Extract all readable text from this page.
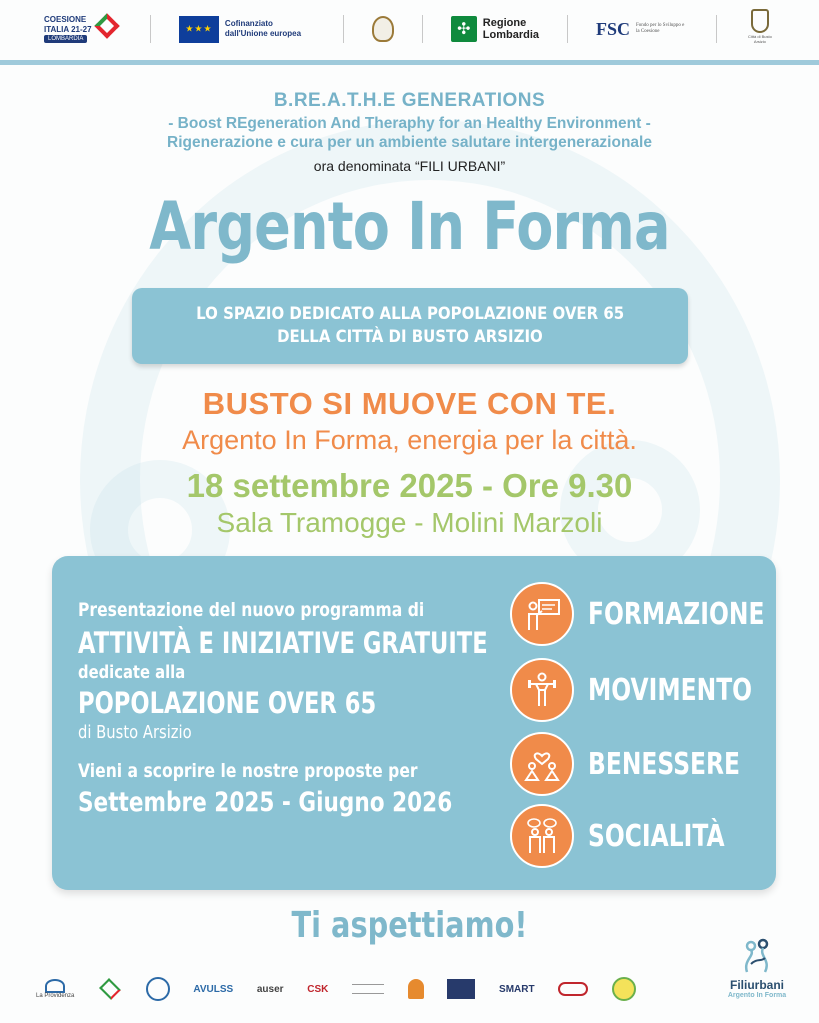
COESIONE
ITALIA 21-27
LOMBARDIA
★★★ Cofinanziato dall'Unione europea	✣	Regione
Lombardia	FSC Fondo per lo Sviluppo e la Coesione
Città di Busto Arsizio
B.RE.A.T.H.E GENERATIONS
- Boost REgeneration And Theraphy for an Healthy Environment -
Rigenerazione e cura per un ambiente salutare intergenerazionale
ora denominata “FILI URBANI”
Argento In Forma
LO SPAZIO DEDICATO ALLA POPOLAZIONE OVER 65
DELLA CITTÀ DI BUSTO ARSIZIO
BUSTO SI MUOVE CON TE.
Argento In Forma, energia per la città.
18 settembre 2025 - Ore 9.30
Sala Tramogge - Molini Marzoli
Presentazione del nuovo programma di
ATTIVITÀ E INIZIATIVE GRATUITE
dedicate alla
POPOLAZIONE OVER 65
di Busto Arsizio
Vieni a scoprire le nostre proposte per
Settembre 2025 - Giugno 2026
FORMAZIONE
MOVIMENTO
BENESSERE
SOCIALITÀ
Ti aspettiamo!
La Providenza
AVULSS auser CSK	SMART	Filiurbani
Argento In Forma
